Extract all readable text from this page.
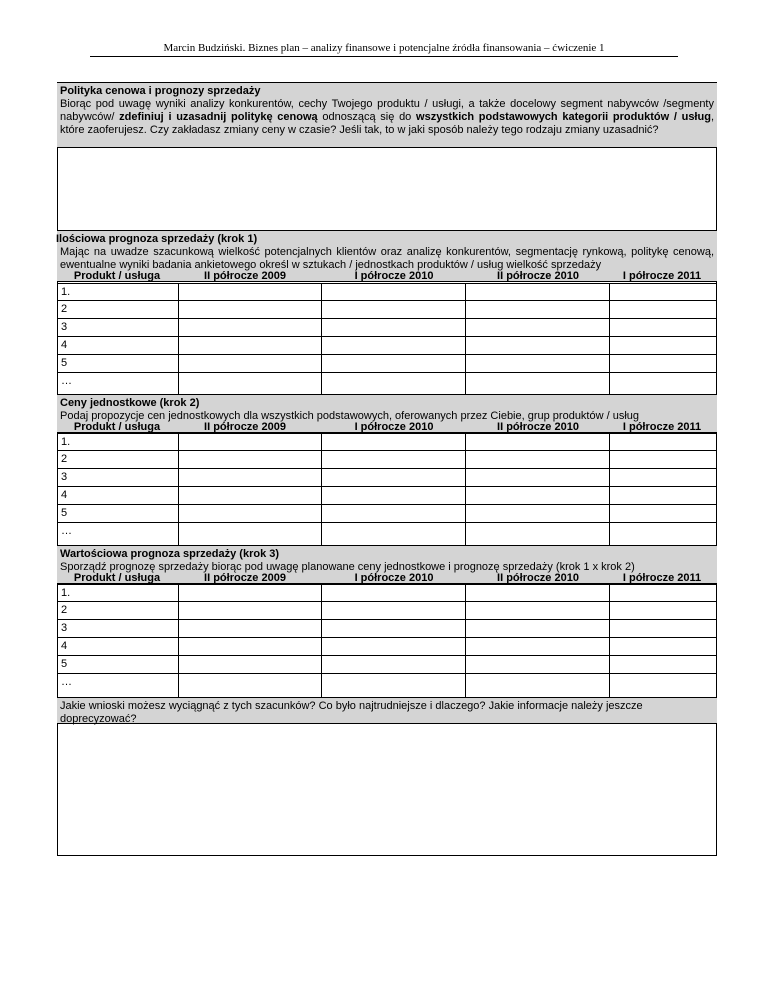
Marcin Budziński. Biznes plan – analizy finansowe i potencjalne źródła finansowania – ćwiczenie 1
Polityka cenowa i prognozy sprzedaży
Biorąc pod uwagę wyniki analizy konkurentów, cechy Twojego produktu / usługi, a także docelowy segment nabywców /segmenty nabywców/ zdefiniuj i uzasadnij politykę cenową odnoszącą się do wszystkich podstawowych kategorii produktów / usług, które zaoferujesz. Czy zakładasz zmiany ceny w czasie? Jeśli tak, to w jaki sposób należy tego rodzaju zmiany uzasadnić?
Ilościowa prognoza sprzedaży (krok 1)
Mając na uwadze szacunkową wielkość potencjalnych klientów oraz analizę konkurentów, segmentację rynkową, politykę cenową, ewentualne wyniki badania ankietowego określ w sztukach / jednostkach produktów / usług wielkość sprzedaży
Ceny jednostkowe (krok 2)
Podaj propozycje cen jednostkowych dla wszystkich podstawowych, oferowanych przez Ciebie, grup produktów / usług
Wartościowa prognoza sprzedaży (krok 3)
Sporządź prognozę sprzedaży biorąc pod uwagę planowane ceny jednostkowe i prognozę sprzedaży (krok 1 x krok 2)
Jakie wnioski możesz wyciągnąć z tych szacunków? Co było najtrudniejsze i dlaczego? Jakie informacje należy jeszcze doprecyzować?
Produkt / usługa	II półrocze 2009	I półrocze 2010	II półrocze 2010	I półrocze 2011
1.
2
3
4
5
…
Produkt / usługa	II półrocze 2009	I półrocze 2010	II półrocze 2010	I półrocze 2011
1.
2
3
4
5
…
Produkt / usługa	II półrocze 2009	I półrocze 2010	II półrocze 2010	I półrocze 2011
1.
2
3
4
5
…
